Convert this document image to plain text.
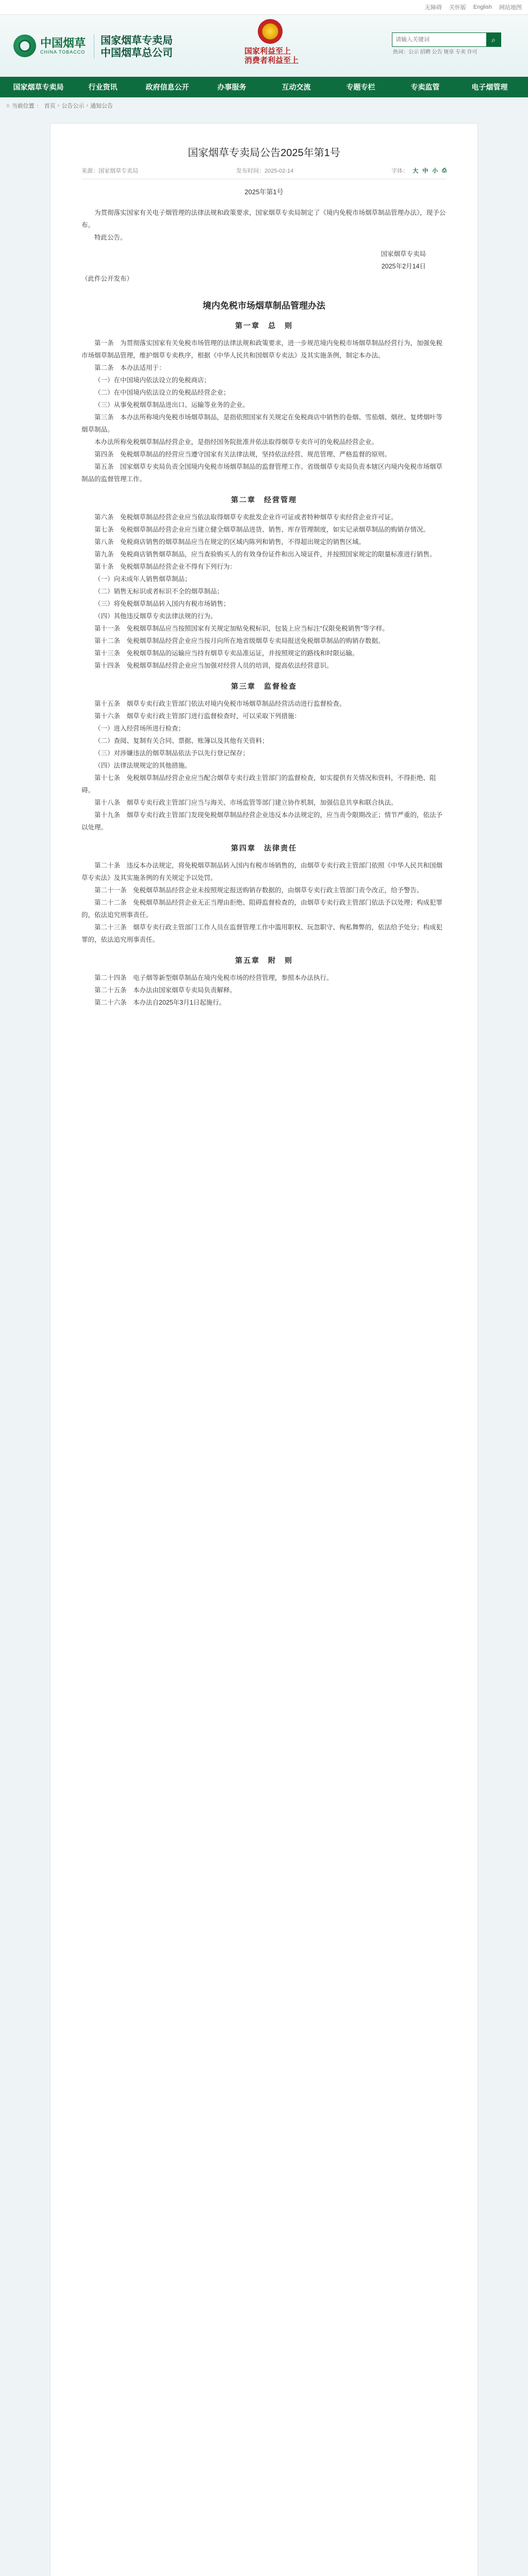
无障碍 关怀版 English 网站地图
中国烟草
CHINA TOBACCO
国家烟草专卖局
中国烟草总公司	国家利益至上
消费者利益至上
请输入关键词
⌕
热词：公示 招聘 公告 规章 专卖 许可
国家烟草专卖局	行业资讯	政府信息公开	办事服务	互动交流	专题专栏	专卖监管	电子烟管理
⌂ 当前位置 ： 首页 › 公告公示 › 通知公告
国家烟草专卖局公告2025年第1号
来源：国家烟草专卖局	发布时间：2025-02-14	字体： 大 中 小 ⎙
2025年第1号

为贯彻落实国家有关电子烟管理的法律法规和政策要求，国家烟草专卖局制定了《境内免税市场烟草制品管理办法》，现予公布。

特此公告。

国家烟草专卖局

2025年2月14日

（此件公开发布）

境内免税市场烟草制品管理办法
第一章　总　则

第一条　为贯彻落实国家有关免税市场管理的法律法规和政策要求，进一步规范境内免税市场烟草制品经营行为，加强免税市场烟草制品管理，维护烟草专卖秩序，根据《中华人民共和国烟草专卖法》及其实施条例，制定本办法。

第二条　本办法适用于：

（一）在中国境内依法设立的免税商店；

（二）在中国境内依法设立的免税品经营企业；

（三）从事免税烟草制品进出口、运输等业务的企业。

第三条　本办法所称境内免税市场烟草制品，是指依照国家有关规定在免税商店中销售的卷烟、雪茄烟、烟丝、复烤烟叶等烟草制品。

本办法所称免税烟草制品经营企业，是指经国务院批准并依法取得烟草专卖许可的免税品经营企业。

第四条　免税烟草制品的经营应当遵守国家有关法律法规，坚持依法经营、规范管理、严格监督的原则。

第五条　国家烟草专卖局负责全国境内免税市场烟草制品的监督管理工作。省级烟草专卖局负责本辖区内境内免税市场烟草制品的监督管理工作。

第二章　经营管理

第六条　免税烟草制品经营企业应当依法取得烟草专卖批发企业许可证或者特种烟草专卖经营企业许可证。

第七条　免税烟草制品经营企业应当建立健全烟草制品进货、销售、库存管理制度，如实记录烟草制品的购销存情况。

第八条　免税商店销售的烟草制品应当在规定的区域内陈列和销售，不得超出规定的销售区域。

第九条　免税商店销售烟草制品，应当查验购买人的有效身份证件和出入境证件，并按照国家规定的限量标准进行销售。

第十条　免税烟草制品经营企业不得有下列行为：

（一）向未成年人销售烟草制品；

（二）销售无标识或者标识不全的烟草制品；

（三）将免税烟草制品转入国内有税市场销售；

（四）其他违反烟草专卖法律法规的行为。

第十一条　免税烟草制品应当按照国家有关规定加贴免税标识，包装上应当标注“仅限免税销售”等字样。

第十二条　免税烟草制品经营企业应当按月向所在地省级烟草专卖局报送免税烟草制品的购销存数据。

第十三条　免税烟草制品的运输应当持有烟草专卖品准运证，并按照规定的路线和时限运输。

第十四条　免税烟草制品经营企业应当加强对经营人员的培训，提高依法经营意识。

第三章　监督检查

第十五条　烟草专卖行政主管部门依法对境内免税市场烟草制品经营活动进行监督检查。

第十六条　烟草专卖行政主管部门进行监督检查时，可以采取下列措施：

（一）进入经营场所进行检查；

（二）查阅、复制有关合同、票据、账簿以及其他有关资料；

（三）对涉嫌违法的烟草制品依法予以先行登记保存；

（四）法律法规规定的其他措施。

第十七条　免税烟草制品经营企业应当配合烟草专卖行政主管部门的监督检查，如实提供有关情况和资料，不得拒绝、阻碍。

第十八条　烟草专卖行政主管部门应当与海关、市场监管等部门建立协作机制，加强信息共享和联合执法。

第十九条　烟草专卖行政主管部门发现免税烟草制品经营企业违反本办法规定的，应当责令限期改正；情节严重的，依法予以处理。

第四章　法律责任

第二十条　违反本办法规定，将免税烟草制品转入国内有税市场销售的，由烟草专卖行政主管部门依照《中华人民共和国烟草专卖法》及其实施条例的有关规定予以处罚。

第二十一条　免税烟草制品经营企业未按照规定报送购销存数据的，由烟草专卖行政主管部门责令改正，给予警告。

第二十二条　免税烟草制品经营企业无正当理由拒绝、阻碍监督检查的，由烟草专卖行政主管部门依法予以处理；构成犯罪的，依法追究刑事责任。

第二十三条　烟草专卖行政主管部门工作人员在监督管理工作中滥用职权、玩忽职守、徇私舞弊的，依法给予处分；构成犯罪的，依法追究刑事责任。

第五章　附　则

第二十四条　电子烟等新型烟草制品在境内免税市场的经营管理，参照本办法执行。

第二十五条　本办法由国家烟草专卖局负责解释。

第二十六条　本办法自2025年3月1日起施行。
